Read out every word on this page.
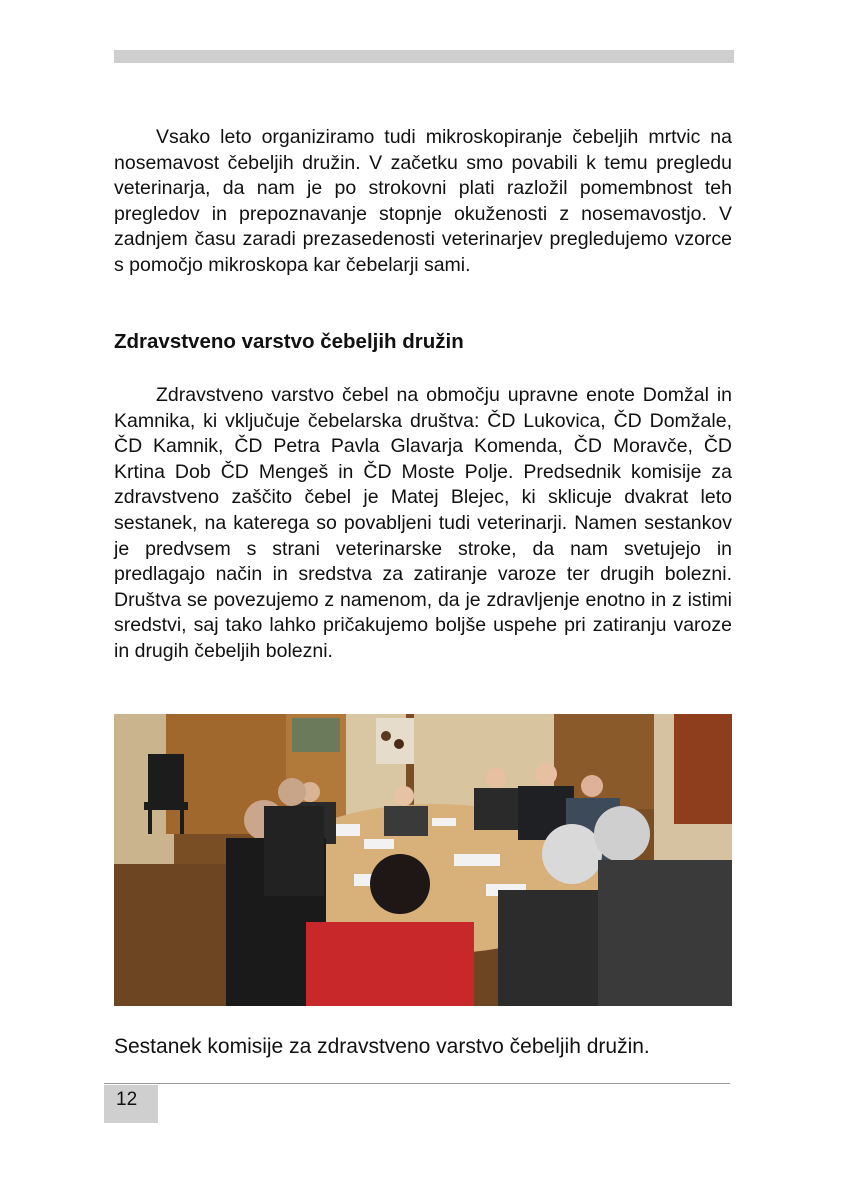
Vsako leto organiziramo tudi mikroskopiranje čebeljih mrtvic na nosemavost čebeljih družin. V začetku smo povabili k temu pregledu veterinarja, da nam je po strokovni plati razložil pomembnost teh pregledov in prepoznavanje stopnje okuženosti z nosemavostjo. V zadnjem času zaradi prezasedenosti veterinarjev pregledujemo vzorce s pomočjo mikroskopa kar čebelarji sami.

Zdravstveno varstvo čebeljih družin

Zdravstveno varstvo čebel na območju upravne enote Domžal in Kamnika, ki vključuje čebelarska društva: ČD Lukovica, ČD Domžale, ČD Kamnik, ČD Petra Pavla Glavarja Komenda, ČD Moravče, ČD Krtina Dob ČD Mengeš in ČD Moste Polje. Predsednik komisije za zdravstveno zaščito čebel je Matej Blejec, ki sklicuje dvakrat leto sestanek, na katerega so povabljeni tudi veterinarji. Namen sestankov je predvsem s strani veterinarske stroke, da nam svetujejo in predlagajo način in sredstva za zatiranje varoze ter drugih bolezni. Društva se povezujemo z namenom, da je zdravljenje enotno in z istimi sredstvi, saj tako lahko pričakujemo boljše uspehe pri zatiranju varoze in drugih čebeljih bolezni.

Sestanek komisije za zdravstveno varstvo čebeljih družin.

12
